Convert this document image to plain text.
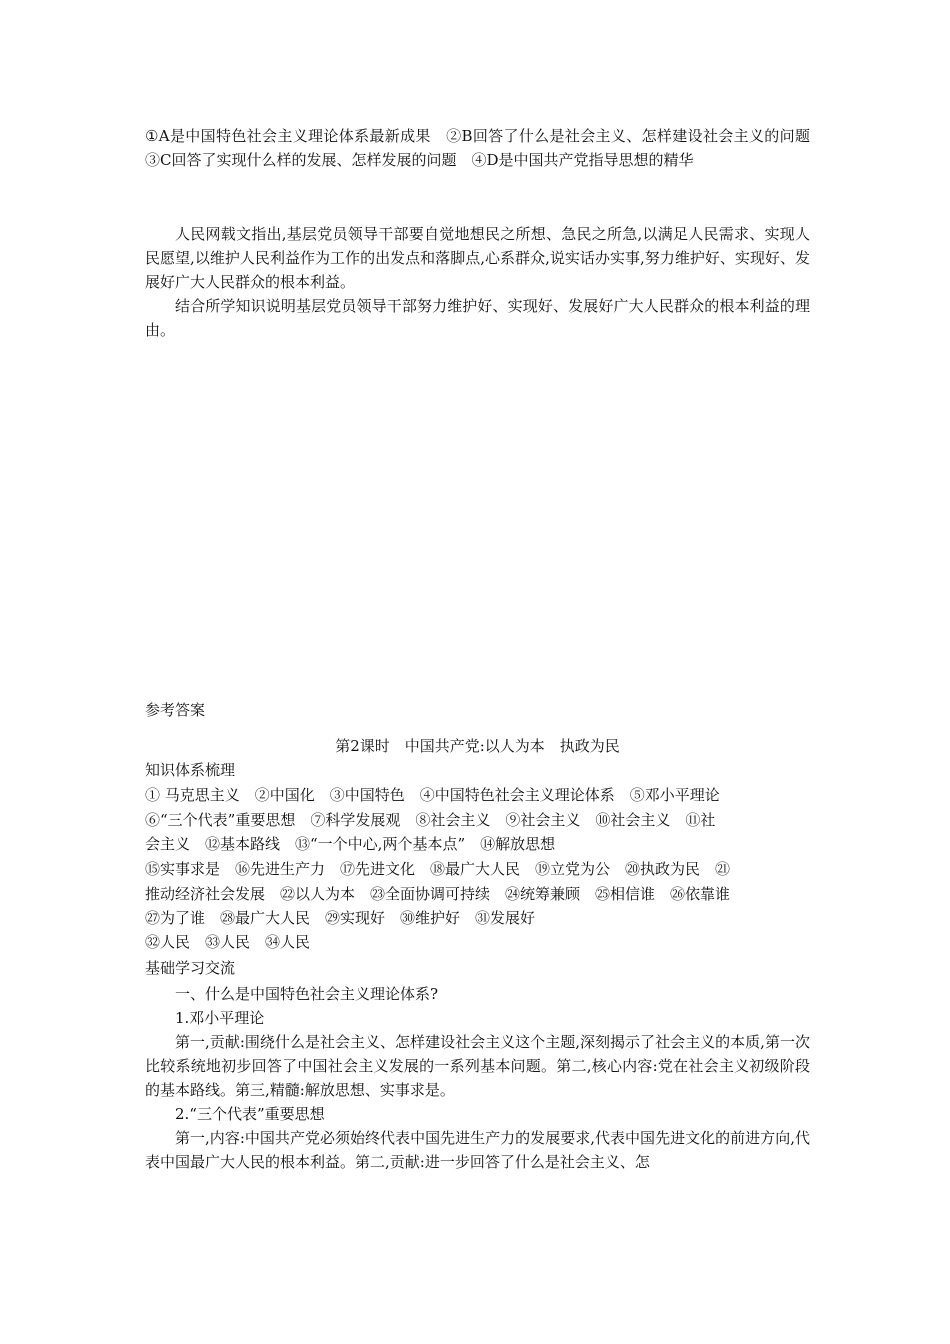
①A是中国特色社会主义理论体系最新成果　②B回答了什么是社会主义、怎样建设社会主义的问题　③C回答了实现什么样的发展、怎样发展的问题　④D是中国共产党指导思想的精华

人民网载文指出,基层党员领导干部要自觉地想民之所想、急民之所急,以满足人民需求、实现人民愿望,以维护人民利益作为工作的出发点和落脚点,心系群众,说实话办实事,努力维护好、实现好、发展好广大人民群众的根本利益。

结合所学知识说明基层党员领导干部努力维护好、实现好、发展好广大人民群众的根本利益的理由。

参考答案
第2课时　中国共产党:以人为本　执政为民
知识体系梳理
① 马克思主义　②中国化　③中国特色　④中国特色社会主义理论体系　⑤邓小平理论
⑥“三个代表”重要思想　⑦科学发展观　⑧社会主义　⑨社会主义　⑩社会主义　⑪社
会主义　⑫基本路线　⑬“一个中心,两个基本点”　⑭解放思想
⑮实事求是　⑯先进生产力　⑰先进文化　⑱最广大人民　⑲立党为公　⑳执政为民　㉑
推动经济社会发展　㉒以人为本　㉓全面协调可持续　㉔统筹兼顾　㉕相信谁　㉖依靠谁
㉗为了谁　㉘最广大人民　㉙实现好　㉚维护好　㉛发展好
㉜人民　㉝人民　㉞人民
基础学习交流

一、什么是中国特色社会主义理论体系?

1.邓小平理论

第一,贡献:围绕什么是社会主义、怎样建设社会主义这个主题,深刻揭示了社会主义的本质,第一次比较系统地初步回答了中国社会主义发展的一系列基本问题。第二,核心内容:党在社会主义初级阶段的基本路线。第三,精髓:解放思想、实事求是。

2.“三个代表”重要思想

第一,内容:中国共产党必须始终代表中国先进生产力的发展要求,代表中国先进文化的前进方向,代表中国最广大人民的根本利益。第二,贡献:进一步回答了什么是社会主义、怎
